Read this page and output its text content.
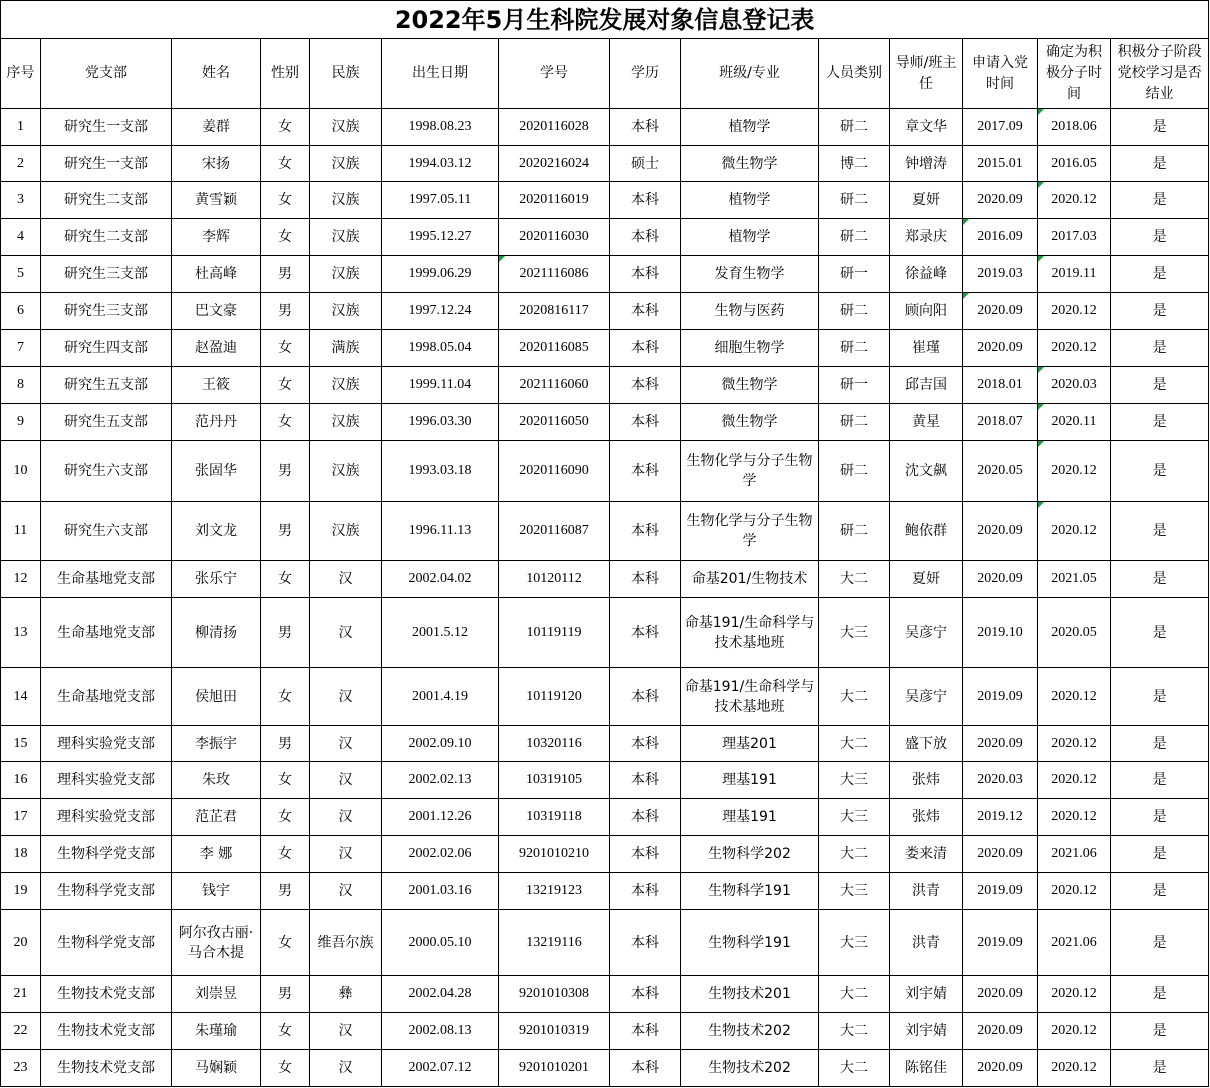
2022年5月生科院发展对象信息登记表													
序号	党支部	姓名	性别	民族	出生日期	学号	学历	班级/专业	人员类别	导师/班主任	申请入党时间	确定为积极分子时间	积极分子阶段党校学习是否结业
1	研究生一支部	姜群	女	汉族	1998.08.23	2020116028	本科	植物学	研二	章文华	2017.09	2018.06	是
2	研究生一支部	宋扬	女	汉族	1994.03.12	2020216024	硕士	微生物学	博二	钟增涛	2015.01	2016.05	是
3	研究生二支部	黄雪颖	女	汉族	1997.05.11	2020116019	本科	植物学	研二	夏妍	2020.09	2020.12	是
4	研究生二支部	李辉	女	汉族	1995.12.27	2020116030	本科	植物学	研二	郑录庆	2016.09	2017.03	是
5	研究生三支部	杜高峰	男	汉族	1999.06.29	2021116086	本科	发育生物学	研一	徐益峰	2019.03	2019.11	是
6	研究生三支部	巴文豪	男	汉族	1997.12.24	2020816117	本科	生物与医药	研二	顾向阳	2020.09	2020.12	是
7	研究生四支部	赵盈迪	女	满族	1998.05.04	2020116085	本科	细胞生物学	研二	崔瑾	2020.09	2020.12	是
8	研究生五支部	王筱	女	汉族	1999.11.04	2021116060	本科	微生物学	研一	邱吉国	2018.01	2020.03	是
9	研究生五支部	范丹丹	女	汉族	1996.03.30	2020116050	本科	微生物学	研二	黄星	2018.07	2020.11	是
10	研究生六支部	张固华	男	汉族	1993.03.18	2020116090	本科	生物化学与分子生物学	研二	沈文飙	2020.05	2020.12	是
11	研究生六支部	刘文龙	男	汉族	1996.11.13	2020116087	本科	生物化学与分子生物学	研二	鲍依群	2020.09	2020.12	是
12	生命基地党支部	张乐宁	女	汉	2002.04.02	10120112	本科	命基201/生物技术	大二	夏妍	2020.09	2021.05	是
13	生命基地党支部	柳清扬	男	汉	2001.5.12	10119119	本科	命基191/生命科学与技术基地班	大三	吴彦宁	2019.10	2020.05	是
14	生命基地党支部	侯旭田	女	汉	2001.4.19	10119120	本科	命基191/生命科学与技术基地班	大二	吴彦宁	2019.09	2020.12	是
15	理科实验党支部	李振宇	男	汉	2002.09.10	10320116	本科	理基201	大二	盛下放	2020.09	2020.12	是
16	理科实验党支部	朱玫	女	汉	2002.02.13	10319105	本科	理基191	大三	张炜	2020.03	2020.12	是
17	理科实验党支部	范芷君	女	汉	2001.12.26	10319118	本科	理基191	大三	张炜	2019.12	2020.12	是
18	生物科学党支部	李 娜	女	汉	2002.02.06	9201010210	本科	生物科学202	大二	娄来清	2020.09	2021.06	是
19	生物科学党支部	钱宇	男	汉	2001.03.16	13219123	本科	生物科学191	大三	洪青	2019.09	2020.12	是
20	生物科学党支部	阿尔孜古丽·马合木提	女	维吾尔族	2000.05.10	13219116	本科	生物科学191	大三	洪青	2019.09	2021.06	是
21	生物技术党支部	刘崇昱	男	彝	2002.04.28	9201010308	本科	生物技术201	大二	刘宇婧	2020.09	2020.12	是
22	生物技术党支部	朱瑾瑜	女	汉	2002.08.13	9201010319	本科	生物技术202	大二	刘宇婧	2020.09	2020.12	是
23	生物技术党支部	马娴颖	女	汉	2002.07.12	9201010201	本科	生物技术202	大二	陈铭佳	2020.09	2020.12	是
